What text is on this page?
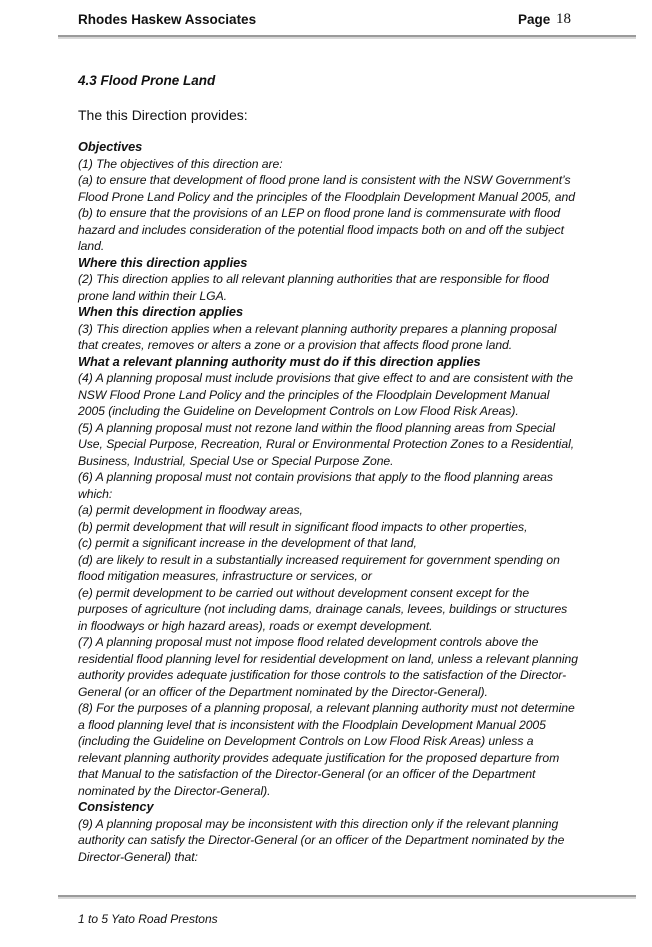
Rhodes Haskew Associates	Page 18
4.3 Flood Prone Land
The this Direction provides:

Objectives

(1) The objectives of this direction are:

(a) to ensure that development of flood prone land is consistent with the NSW Government’s Flood Prone Land Policy and the principles of the Floodplain Development Manual 2005, and

(b) to ensure that the provisions of an LEP on flood prone land is commensurate with flood hazard and includes consideration of the potential flood impacts both on and off the subject land.

Where this direction applies

(2) This direction applies to all relevant planning authorities that are responsible for flood prone land within their LGA.

When this direction applies

(3) This direction applies when a relevant planning authority prepares a planning proposal that creates, removes or alters a zone or a provision that affects flood prone land.

What a relevant planning authority must do if this direction applies

(4) A planning proposal must include provisions that give effect to and are consistent with the NSW Flood Prone Land Policy and the principles of the Floodplain Development Manual 2005 (including the Guideline on Development Controls on Low Flood Risk Areas).

(5) A planning proposal must not rezone land within the flood planning areas from Special Use, Special Purpose, Recreation, Rural or Environmental Protection Zones to a Residential, Business, Industrial, Special Use or Special Purpose Zone.

(6) A planning proposal must not contain provisions that apply to the flood planning areas which:

(a) permit development in floodway areas,

(b) permit development that will result in significant flood impacts to other properties,

(c) permit a significant increase in the development of that land,

(d) are likely to result in a substantially increased requirement for government spending on flood mitigation measures, infrastructure or services, or

(e) permit development to be carried out without development consent except for the purposes of agriculture (not including dams, drainage canals, levees, buildings or structures in floodways or high hazard areas), roads or exempt development.

(7) A planning proposal must not impose flood related development controls above the residential flood planning level for residential development on land, unless a relevant planning authority provides adequate justification for those controls to the satisfaction of the Director-General (or an officer of the Department nominated by the Director-General).

(8) For the purposes of a planning proposal, a relevant planning authority must not determine a flood planning level that is inconsistent with the Floodplain Development Manual 2005 (including the Guideline on Development Controls on Low Flood Risk Areas) unless a relevant planning authority provides adequate justification for the proposed departure from that Manual to the satisfaction of the Director-General (or an officer of the Department nominated by the Director-General).

Consistency

(9) A planning proposal may be inconsistent with this direction only if the relevant planning authority can satisfy the Director-General (or an officer of the Department nominated by the Director-General) that:

1 to 5 Yato Road Prestons
